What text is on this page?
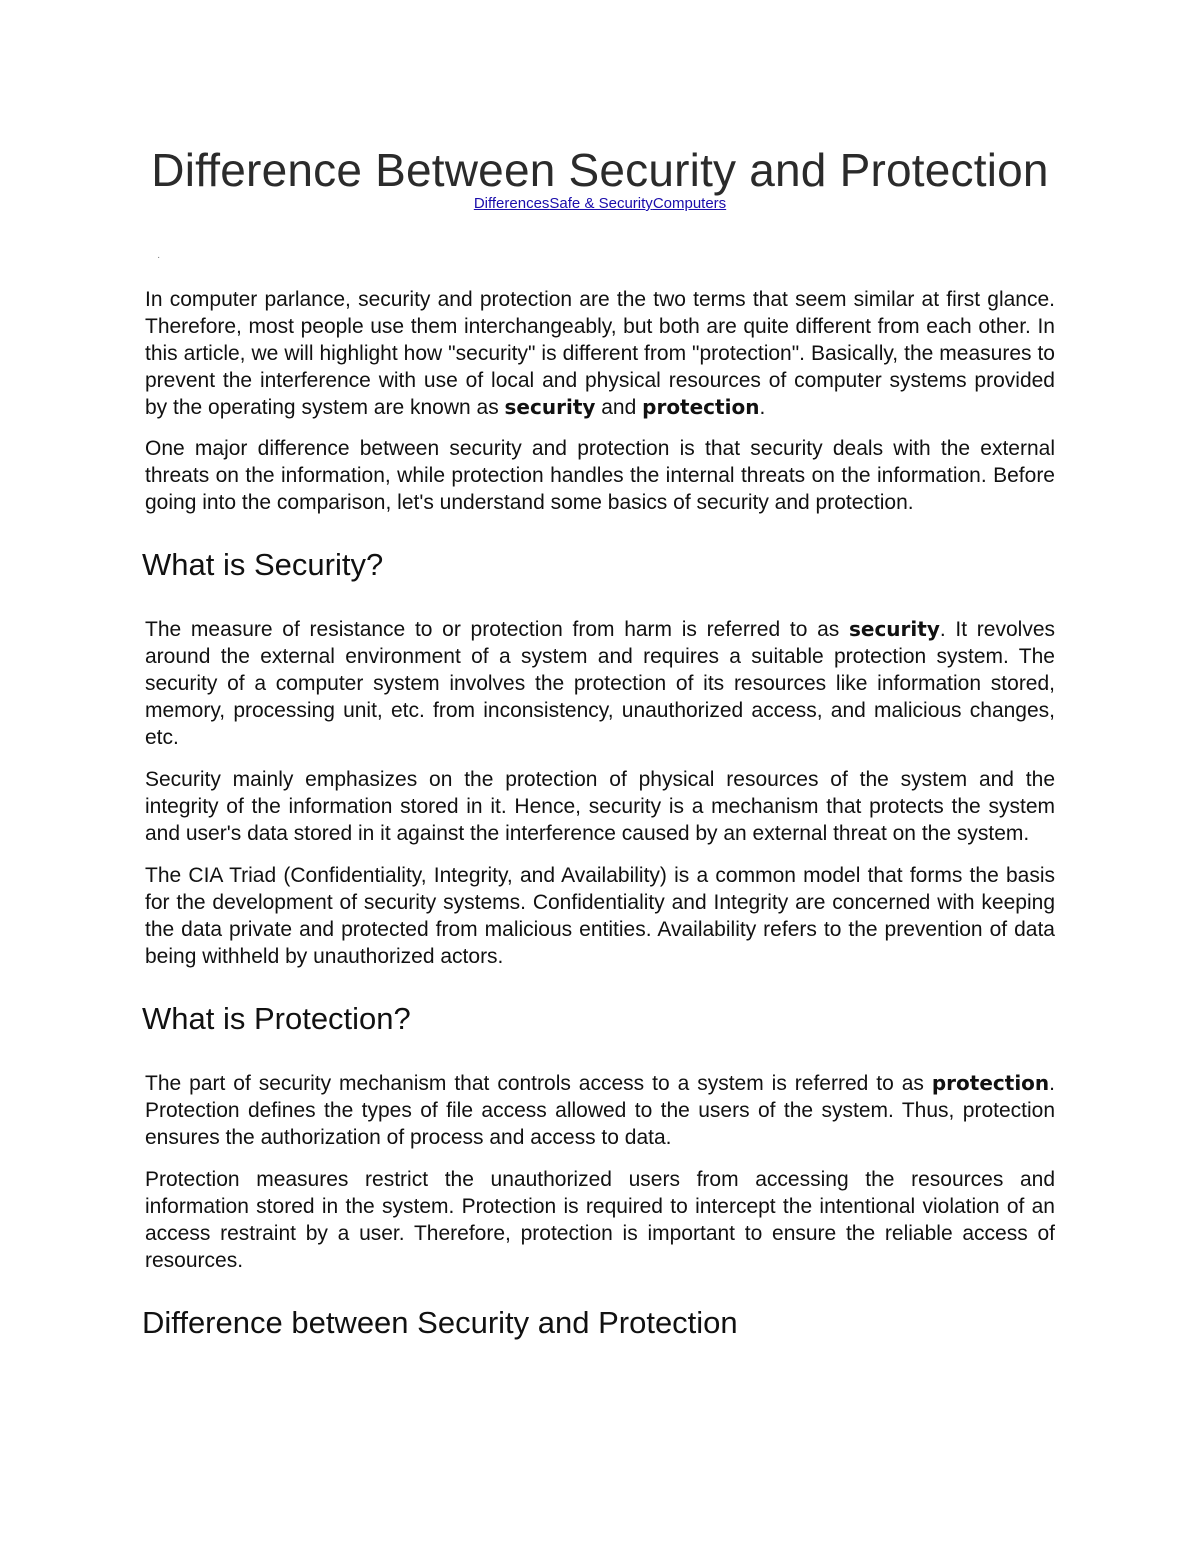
Difference Between Security and Protection
DifferencesSafe & SecurityComputers
·

In computer parlance, security and protection are the two terms that seem similar at first glance. Therefore, most people use them interchangeably, but both are quite different from each other. In this article, we will highlight how "security" is different from "protection". Basically, the measures to prevent the interference with use of local and physical resources of computer systems provided by the operating system are known as security and protection.

One major difference between security and protection is that security deals with the external threats on the information, while protection handles the internal threats on the information. Before going into the comparison, let's understand some basics of security and protection.

What is Security?

The measure of resistance to or protection from harm is referred to as security. It revolves around the external environment of a system and requires a suitable protection system. The security of a computer system involves the protection of its resources like information stored, memory, processing unit, etc. from inconsistency, unauthorized access, and malicious changes, etc.

Security mainly emphasizes on the protection of physical resources of the system and the integrity of the information stored in it. Hence, security is a mechanism that protects the system and user's data stored in it against the interference caused by an external threat on the system.

The CIA Triad (Confidentiality, Integrity, and Availability) is a common model that forms the basis for the development of security systems. Confidentiality and Integrity are concerned with keeping the data private and protected from malicious entities. Availability refers to the prevention of data being withheld by unauthorized actors.

What is Protection?

The part of security mechanism that controls access to a system is referred to as protection. Protection defines the types of file access allowed to the users of the system. Thus, protection ensures the authorization of process and access to data.

Protection measures restrict the unauthorized users from accessing the resources and information stored in the system. Protection is required to intercept the intentional violation of an access restraint by a user. Therefore, protection is important to ensure the reliable access of resources.

Difference between Security and Protection
